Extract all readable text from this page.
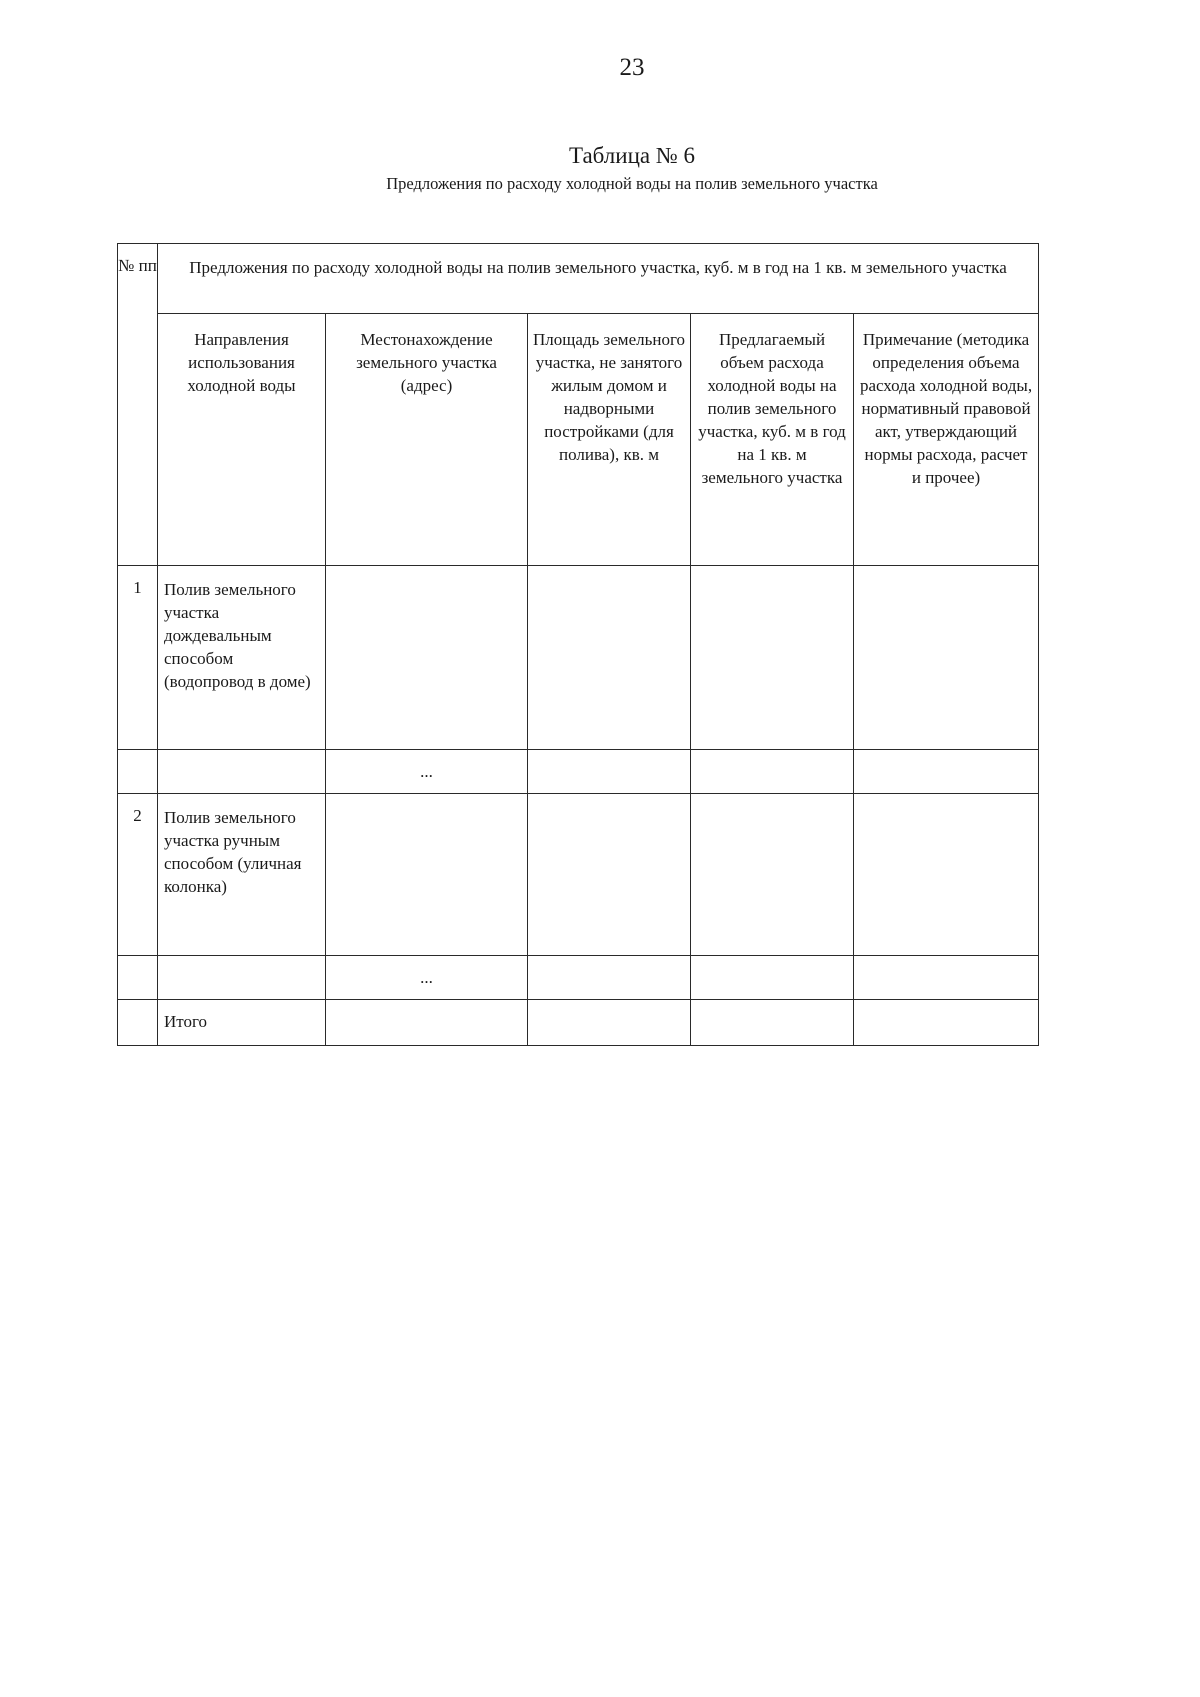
23
Таблица № 6
Предложения по расходу холодной воды на полив земельного участка
№ пп	Предложения по расходу холодной воды на полив земельного участка, куб. м в год на 1 кв. м земельного участка				
	Направления использования холодной воды	Местонахождение земельного участка (адрес)	Площадь земельного участка, не занятого жилым домом и надворными постройками (для полива), кв. м	Предлагаемый объем расхода холодной воды на полив земельного участка, куб. м в год на 1 кв. м земельного участка	Примечание (методика определения объема расхода холодной воды, нормативный правовой акт, утверждающий нормы расхода, расчет и прочее)
1	Полив земельного участка дождевальным способом (водопровод в доме)				
		...			
2	Полив земельного участка ручным способом (уличная колонка)				
		...			
	Итого				
